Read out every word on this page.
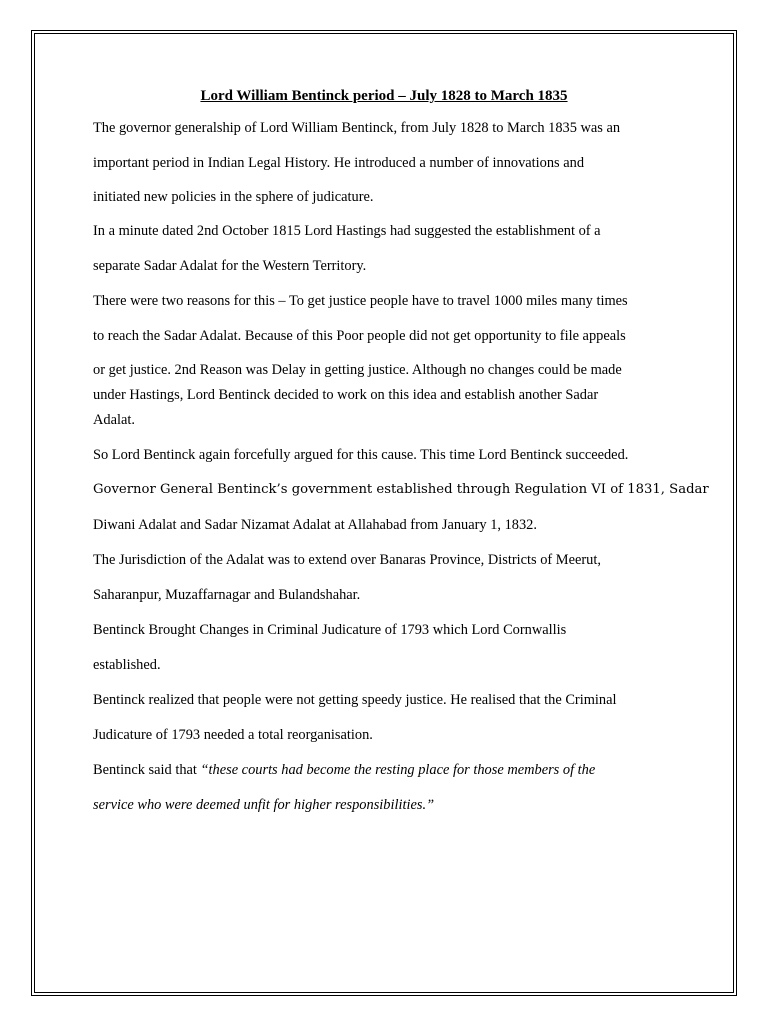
Lord William Bentinck period – July 1828 to March 1835
The governor generalship of Lord William Bentinck, from July 1828 to March 1835 was an
important period in Indian Legal History. He introduced a number of innovations and
initiated new policies in the sphere of judicature.
In a minute dated 2nd October 1815 Lord Hastings had suggested the establishment of a
separate Sadar Adalat for the Western Territory.
There were two reasons for this – To get justice people have to travel 1000 miles many times
to reach the Sadar Adalat. Because of this Poor people did not get opportunity to file appeals
or get justice. 2nd Reason was Delay in getting justice. Although no changes could be made
under Hastings, Lord Bentinck decided to work on this idea and establish another Sadar
Adalat.
So Lord Bentinck again forcefully argued for this cause. This time Lord Bentinck succeeded.
Governor General Bentinck’s government established through Regulation VI of 1831, Sadar
Diwani Adalat and Sadar Nizamat Adalat at Allahabad from January 1, 1832.
The Jurisdiction of the Adalat was to extend over Banaras Province, Districts of Meerut,
Saharanpur, Muzaffarnagar and Bulandshahar.
Bentinck Brought Changes in Criminal Judicature of 1793 which Lord Cornwallis
established.
Bentinck realized that people were not getting speedy justice. He realised that the Criminal
Judicature of 1793 needed a total reorganisation.
Bentinck said that “these courts had become the resting place for those members of the
service who were deemed unfit for higher responsibilities.”
